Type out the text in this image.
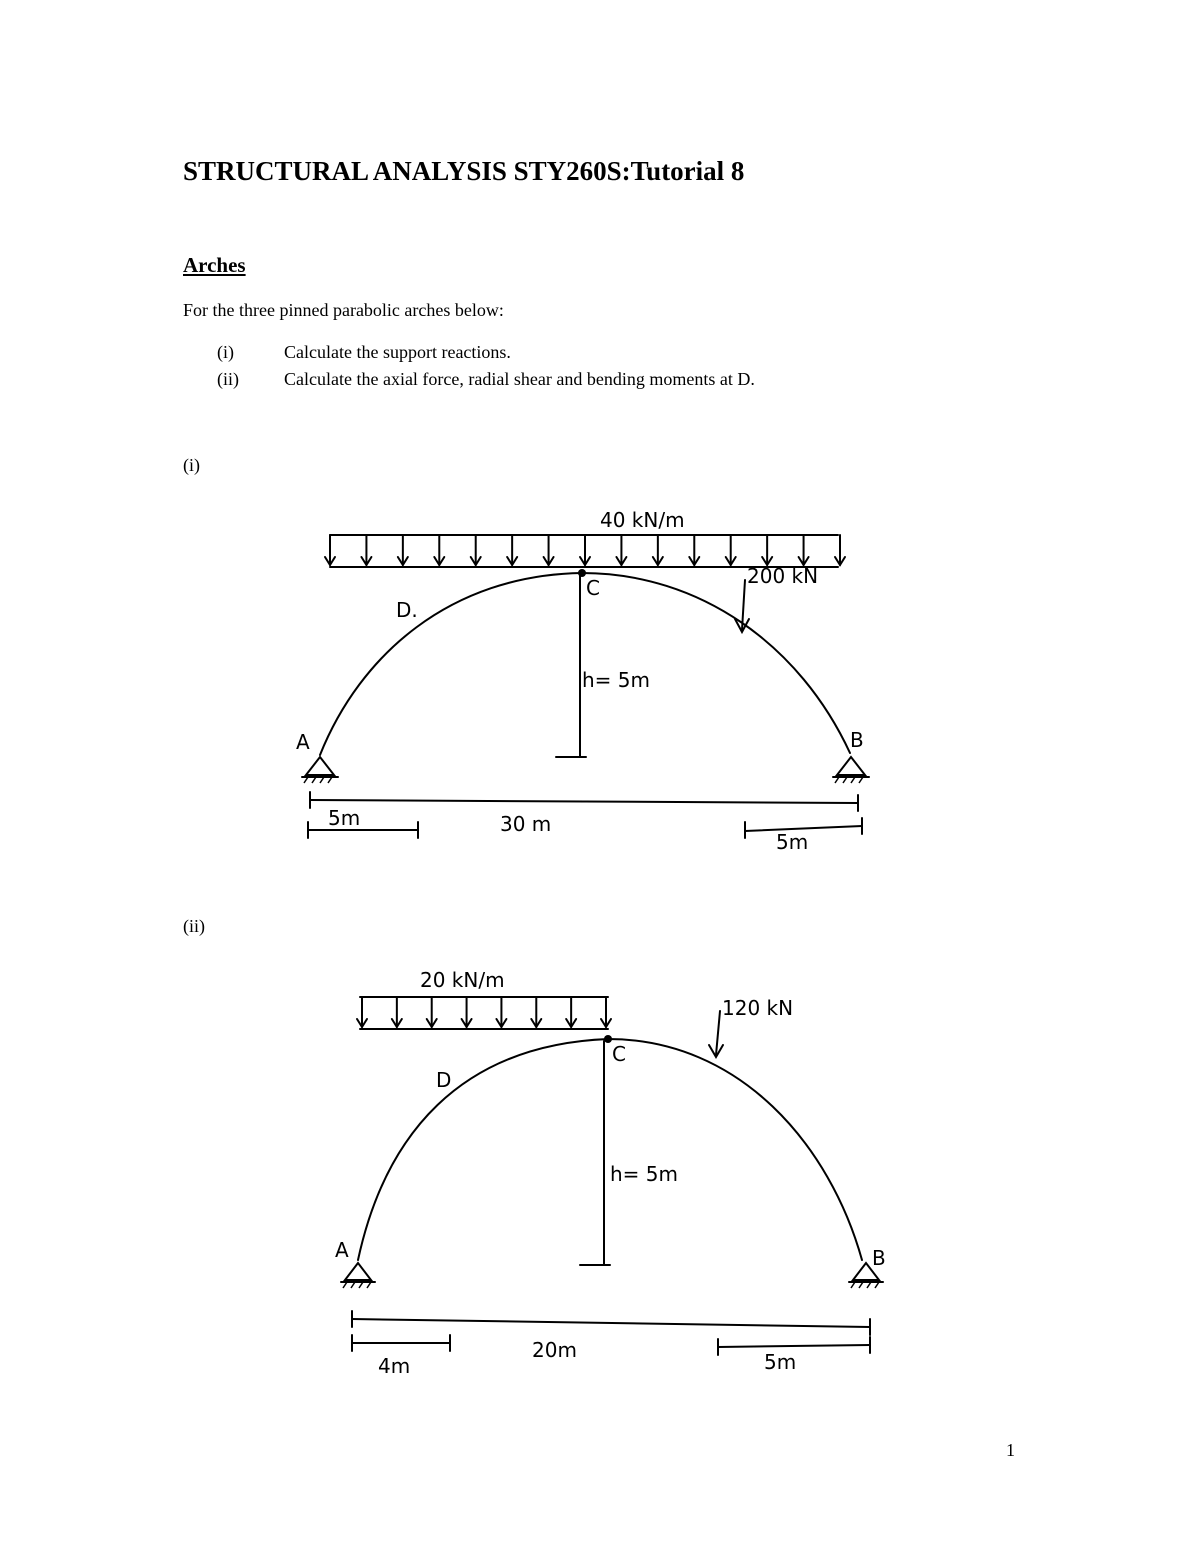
STRUCTURAL ANALYSIS STY260S:Tutorial 8
Arches

For the three pinned parabolic arches below:

(i)	Calculate the support reactions.
(ii)	Calculate the axial force, radial shear and bending moments at D.
(i)
40 kN/m
h= 5m
200 kN
C
D.
A	B
30 m
5m
5m
(ii)
20 kN/m
h= 5m
120 kN
C
D
A	B
20m
4m	5m
1
